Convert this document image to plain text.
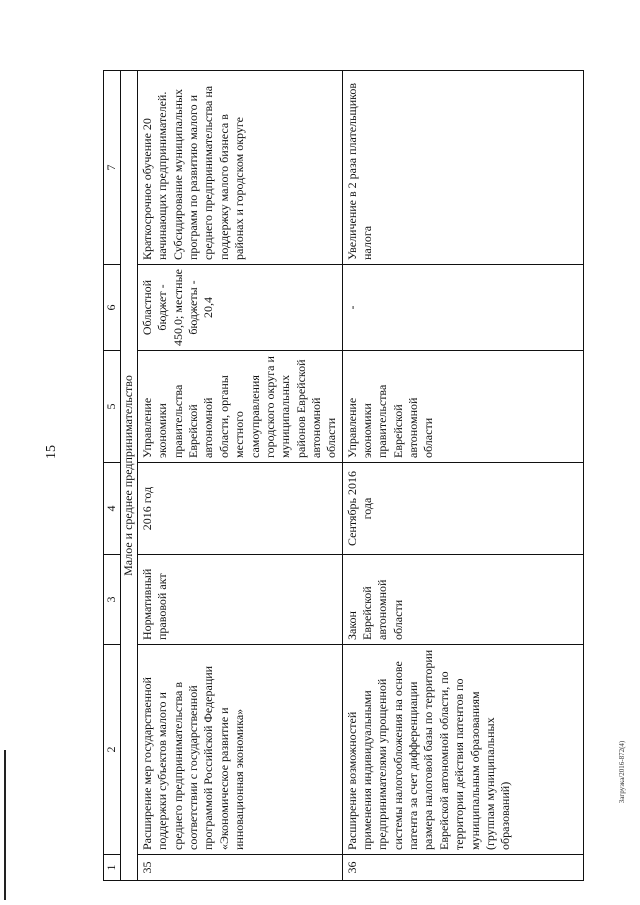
15
Загрузка/2016-872(4)
1	2	3	4	5	6	7
Малое и среднее предпринимательство						
35	Расширение мер государственной поддержки субъектов малого и среднего предпринимательства в соответствии с государственной программой Российской Федерации «Экономическое развитие и инновационная экономика»	Нормативный правовой акт	2016 год	Управление экономики правительства Еврейской автономной области, органы местного самоуправления городского округа и муниципальных районов Еврейской автономной области	Областной бюджет - 450,0; местные бюджеты - 20,4	Краткосрочное обучение 20 начинающих предпринимателей. Субсидирование муниципальных программ по развитию малого и среднего предпринимательства на поддержку малого бизнеса в районах и городском округе
36	Расширение возможностей применения индивидуальными предпринимателями упрощенной системы налогообложения на основе патента за счет дифференциации размера налоговой базы по территории Еврейской автономной области, по территории действия патентов по муниципальным образованиям (группам муниципальных образований)	Закон Еврейской автономной области	Сентябрь 2016 года	Управление экономики правительства Еврейской автономной области	-	Увеличение в 2 раза плательщиков налога
